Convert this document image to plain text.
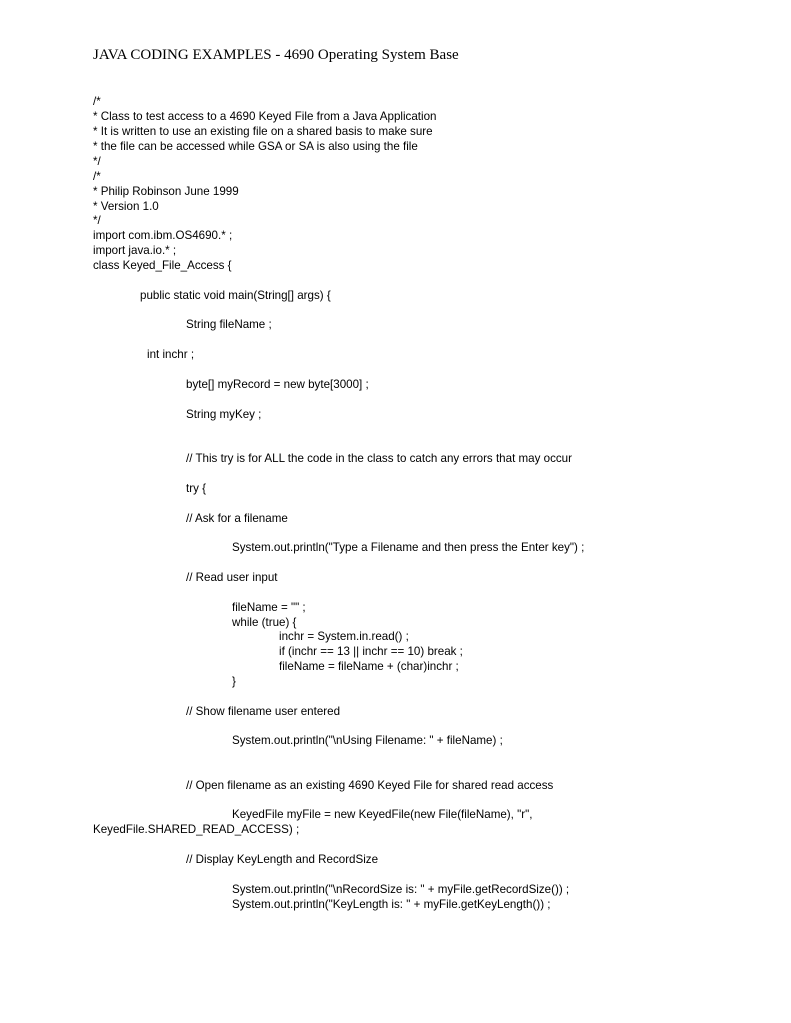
JAVA CODING EXAMPLES - 4690 Operating System Base
/*
* Class to test access to a 4690 Keyed File from a Java Application
* It is written to use an existing file on a shared basis to make sure
* the file can be accessed while GSA or SA is also using the file
*/
/*
* Philip Robinson June 1999
* Version 1.0
*/
import com.ibm.OS4690.* ;
import java.io.* ;
class Keyed_File_Access {
public static void main(String[] args) {
String fileName ;
int inchr ;
byte[] myRecord = new byte[3000] ;
String myKey ;
// This try is for ALL the code in the class to catch any errors that may occur
try {
// Ask for a filename
System.out.println("Type a Filename and then press the Enter key") ;
// Read user input
fileName = "" ;
while (true) {
inchr = System.in.read() ;
if (inchr == 13 || inchr == 10) break ;
fileName = fileName + (char)inchr ;
}
// Show filename user entered
System.out.println("\nUsing Filename: " + fileName) ;
// Open filename as an existing 4690 Keyed File for shared read access
KeyedFile myFile = new KeyedFile(new File(fileName), "r",
KeyedFile.SHARED_READ_ACCESS) ;
// Display KeyLength and RecordSize
System.out.println("\nRecordSize is: " + myFile.getRecordSize()) ;
System.out.println("KeyLength is: " + myFile.getKeyLength()) ;
